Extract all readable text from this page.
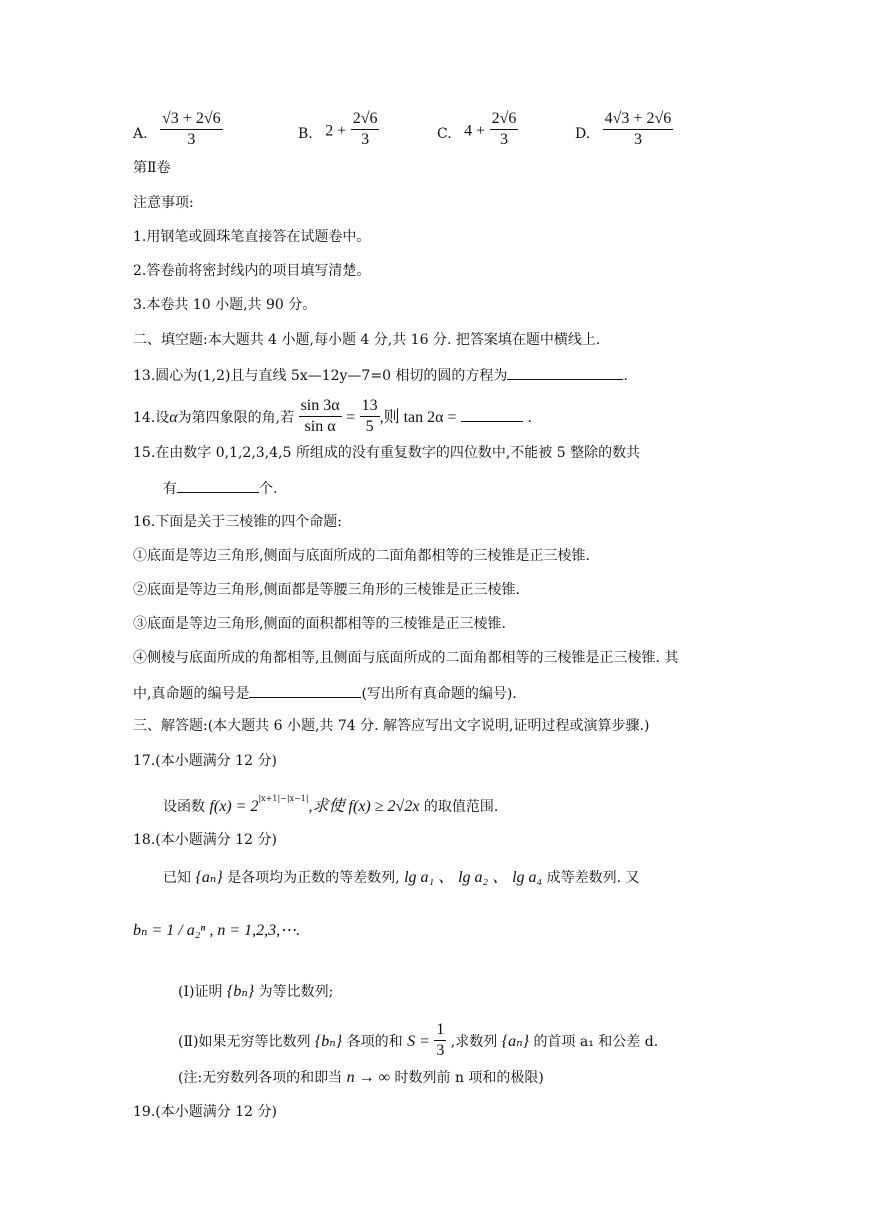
A. $\frac{√3 + 2√6}{3}$	B. $2 + \frac{2√6}{3}$	C. $4 + \frac{2√6}{3}$	D. $\frac{4√3 + 2√6}{3}$
第Ⅱ卷
注意事项:
1.用钢笔或圆珠笔直接答在试题卷中。
2.答卷前将密封线内的项目填写清楚。
3.本卷共 10 小题,共 90 分。
二、填空题:本大题共 4 小题,每小题 4 分,共 16 分. 把答案填在题中横线上.
13.圆心为(1,2)且与直线 5x—12y—7=0 相切的圆的方程为	.
14.设α为第四象限的角,若 $\frac{\sin 3\alpha}{\text{sin α}} = \frac{13}{5}$ ,则 tan 2α =	.
15.在由数字 0,1,2,3,4,5 所组成的没有重复数字的四位数中,不能被 5 整除的数共
有	个.
16.下面是关于三棱锥的四个命题:
①底面是等边三角形,侧面与底面所成的二面角都相等的三棱锥是正三棱锥.
②底面是等边三角形,侧面都是等腰三角形的三棱锥是正三棱锥.
③底面是等边三角形,侧面的面积都相等的三棱锥是正三棱锥.
④侧棱与底面所成的角都相等,且侧面与底面所成的二面角都相等的三棱锥是正三棱锥. 其
中,真命题的编号是	(写出所有真命题的编号).
三、解答题:(本大题共 6 小题,共 74 分. 解答应写出文字说明,证明过程或演算步骤.)
17.(本小题满分 12 分)
设函数 $f(x) = 2^{|x+1|-|x-1|}$,求使 f(x) ≥ 2√2x 的取值范围.
18.(本小题满分 12 分)
已知 {aₙ} 是各项均为正数的等差数列, lg a₁ 、 lg a₂ 、 lg a₄ 成等差数列. 又
bₙ = 1 / a₂ⁿ , n = 1,2,3,⋯.
(Ⅰ)证明 {bₙ} 为等比数列;
(Ⅱ)如果无穷等比数列 {bₙ} 各项的和 $S = \frac{1}{3}$ ,求数列 {aₙ} 的首项 a₁ 和公差 d.
(注:无穷数列各项的和即当 n → ∞ 时数列前 n 项和的极限)
19.(本小题满分 12 分)
